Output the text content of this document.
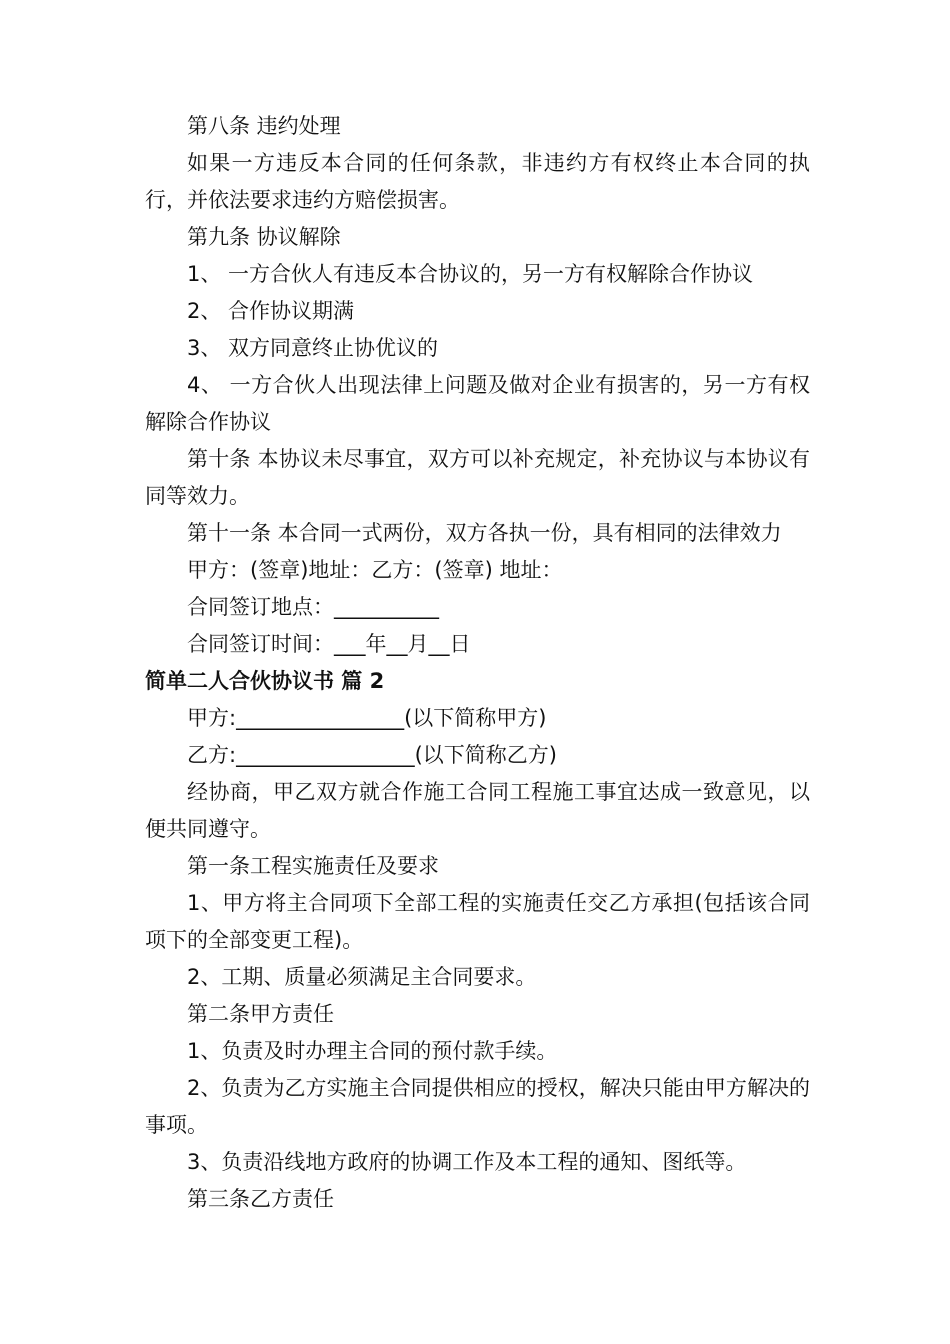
第八条 违约处理

如果一方违反本合同的任何条款，非违约方有权终止本合同的执行，并依法要求违约方赔偿损害。

第九条 协议解除

1、 一方合伙人有违反本合协议的，另一方有权解除合作协议

2、 合作协议期满

3、 双方同意终止协优议的

4、 一方合伙人出现法律上问题及做对企业有损害的，另一方有权解除合作协议

第十条 本协议未尽事宜，双方可以补充规定，补充协议与本协议有同等效力。

第十一条 本合同一式两份，双方各执一份，具有相同的法律效力

甲方：(签章)地址：乙方：(签章) 地址：

合同签订地点：__________

合同签订时间：___年__月__日

简单二人合伙协议书 篇 2

甲方:________________(以下简称甲方)

乙方:_________________(以下简称乙方)

经协商，甲乙双方就合作施工合同工程施工事宜达成一致意见，以便共同遵守。

第一条工程实施责任及要求

1、甲方将主合同项下全部工程的实施责任交乙方承担(包括该合同项下的全部变更工程)。

2、工期、质量必须满足主合同要求。

第二条甲方责任

1、负责及时办理主合同的预付款手续。

2、负责为乙方实施主合同提供相应的授权，解决只能由甲方解决的事项。

3、负责沿线地方政府的协调工作及本工程的通知、图纸等。

第三条乙方责任
